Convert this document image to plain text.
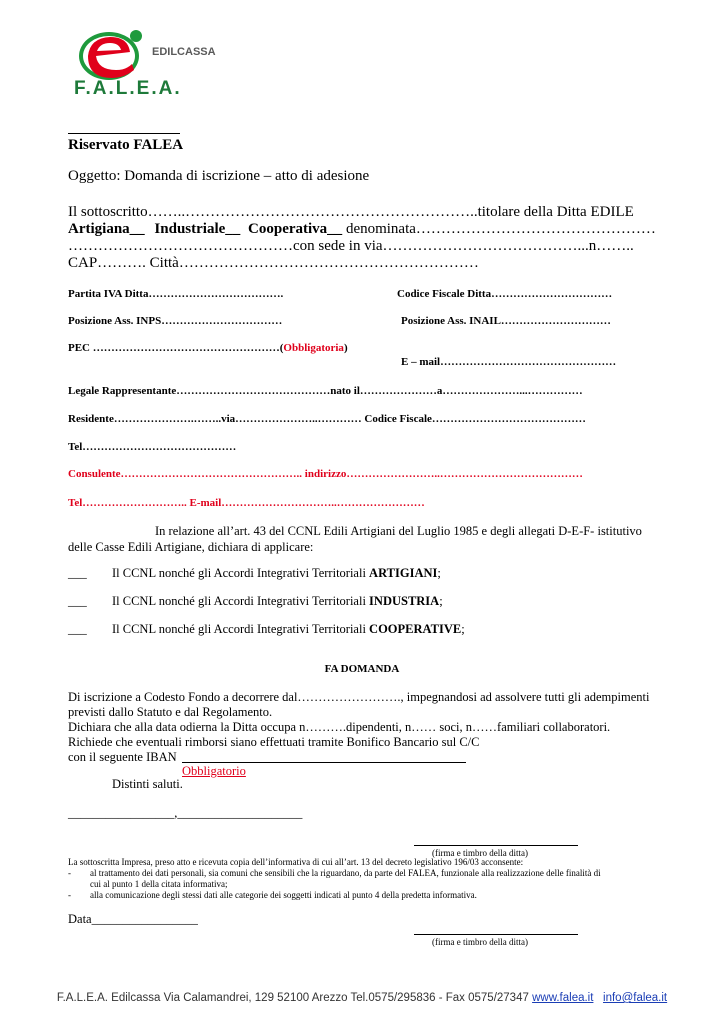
EDILCASSA
F.A.L.E.A.
Riservato FALEA
Oggetto: Domanda di iscrizione – atto di adesione
Il sottoscritto……..…………………………………………………..titolare della Ditta EDILE
Artigiana__ Industriale__ Cooperativa__ denominata…………………………………………
………………………………………con sede in via…………………………………...n……..
CAP………. Città……………………………………………………
Partita IVA Ditta……………………………….	Codice Fiscale Ditta……………………………
Posizione Ass. INPS……………………………	Posizione Ass. INAIL…………………………
PEC ……………………………………………(Obbligatoria)
E – mail…………………………………………
Legale Rappresentante……………………………………nato il…………………a…………………...……………
Residente………………….……..via…………………..………… Codice Fiscale……………………………………
Tel……………………………………
Consulente………………………………………….. indirizzo……………………..…………………………………
Tel……………………….. E-mail…………………………..……………………
In relazione all’art. 43 del CCNL Edili Artigiani del Luglio 1985 e degli allegati D-E-F- istitutivo
delle Casse Edili Artigiane, dichiara di applicare:
___ Il CCNL nonché gli Accordi Integrativi Territoriali ARTIGIANI;
___ Il CCNL nonché gli Accordi Integrativi Territoriali INDUSTRIA;
___ Il CCNL nonché gli Accordi Integrativi Territoriali COOPERATIVE;
FA DOMANDA
Di iscrizione a Codesto Fondo a decorrere dal……………………., impegnandosi ad assolvere tutti gli adempimenti
previsti dallo Statuto e dal Regolamento.
Dichiara che alla data odierna la Ditta occupa n……….dipendenti, n…… soci, n……familiari collaboratori.
Richiede che eventuali rimborsi siano effettuati tramite Bonifico Bancario sul C/C
con il seguente IBAN
Obbligatorio
Distinti saluti.
_________________,____________________
(firma e timbro della ditta)
La sottoscritta Impresa, preso atto e ricevuta copia dell’informativa di cui all’art. 13 del decreto legislativo 196/03 acconsente:
- al trattamento dei dati personali, sia comuni che sensibili che la riguardano, da parte del FALEA, funzionale alla realizzazione delle finalità di
cui al punto 1 della citata informativa;
- alla comunicazione degli stessi dati alle categorie dei soggetti indicati al punto 4 della predetta informativa.
Data_________________
(firma e timbro della ditta)
F.A.L.E.A. Edilcassa Via Calamandrei, 129 52100 Arezzo Tel.0575/295836 - Fax 0575/27347 www.falea.it info@falea.it
